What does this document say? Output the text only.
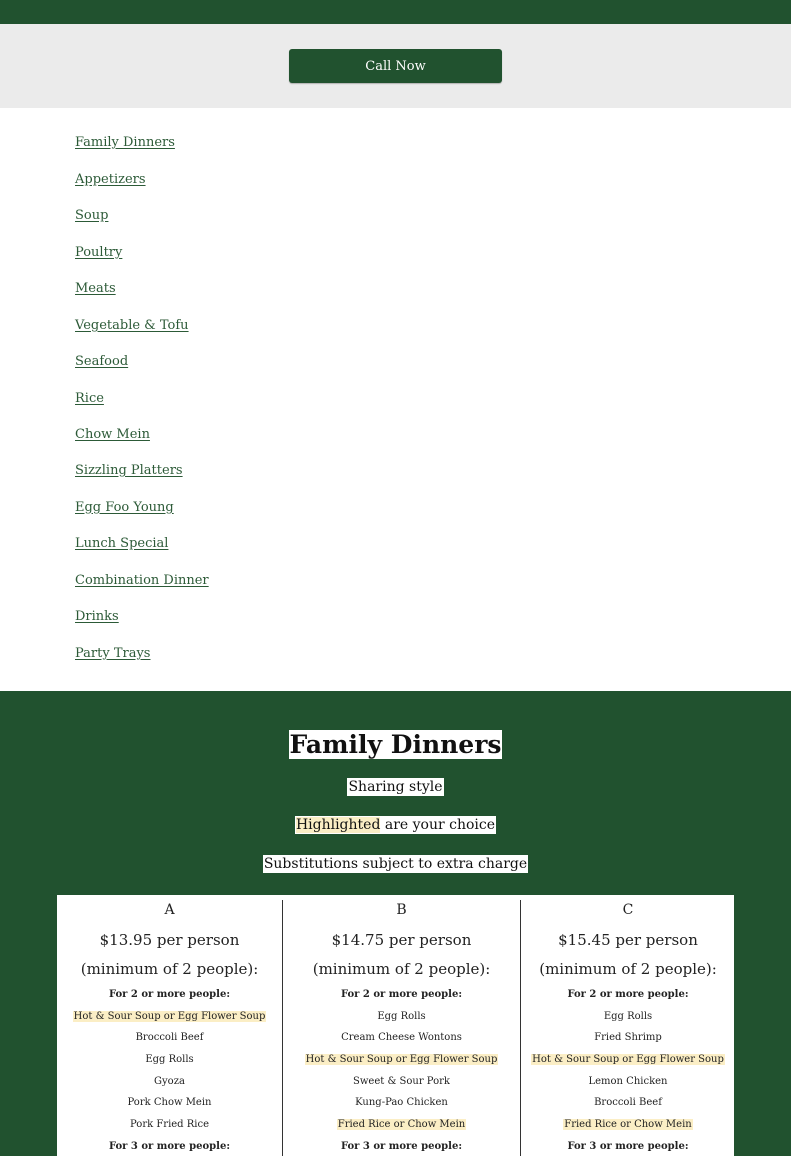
Call Now
Family Dinners
Appetizers
Soup
Poultry
Meats
Vegetable & Tofu
Seafood
Rice
Chow Mein
Sizzling Platters
Egg Foo Young
Lunch Special
Combination Dinner
Drinks
Party Trays
Family Dinners
Sharing style
Highlighted are your choice
Substitutions subject to extra charge
A
$13.95 per person
(minimum of 2 people):
For 2 or more people:
Hot & Sour Soup or Egg Flower Soup
Broccoli Beef
Egg Rolls
Gyoza
Pork Chow Mein
Pork Fried Rice
For 3 or more people:
B
$14.75 per person
(minimum of 2 people):
For 2 or more people:
Egg Rolls
Cream Cheese Wontons
Hot & Sour Soup or Egg Flower Soup
Sweet & Sour Pork
Kung-Pao Chicken
Fried Rice or Chow Mein
For 3 or more people:
C
$15.45 per person
(minimum of 2 people):
For 2 or more people:
Egg Rolls
Fried Shrimp
Hot & Sour Soup or Egg Flower Soup
Lemon Chicken
Broccoli Beef
Fried Rice or Chow Mein
For 3 or more people:
